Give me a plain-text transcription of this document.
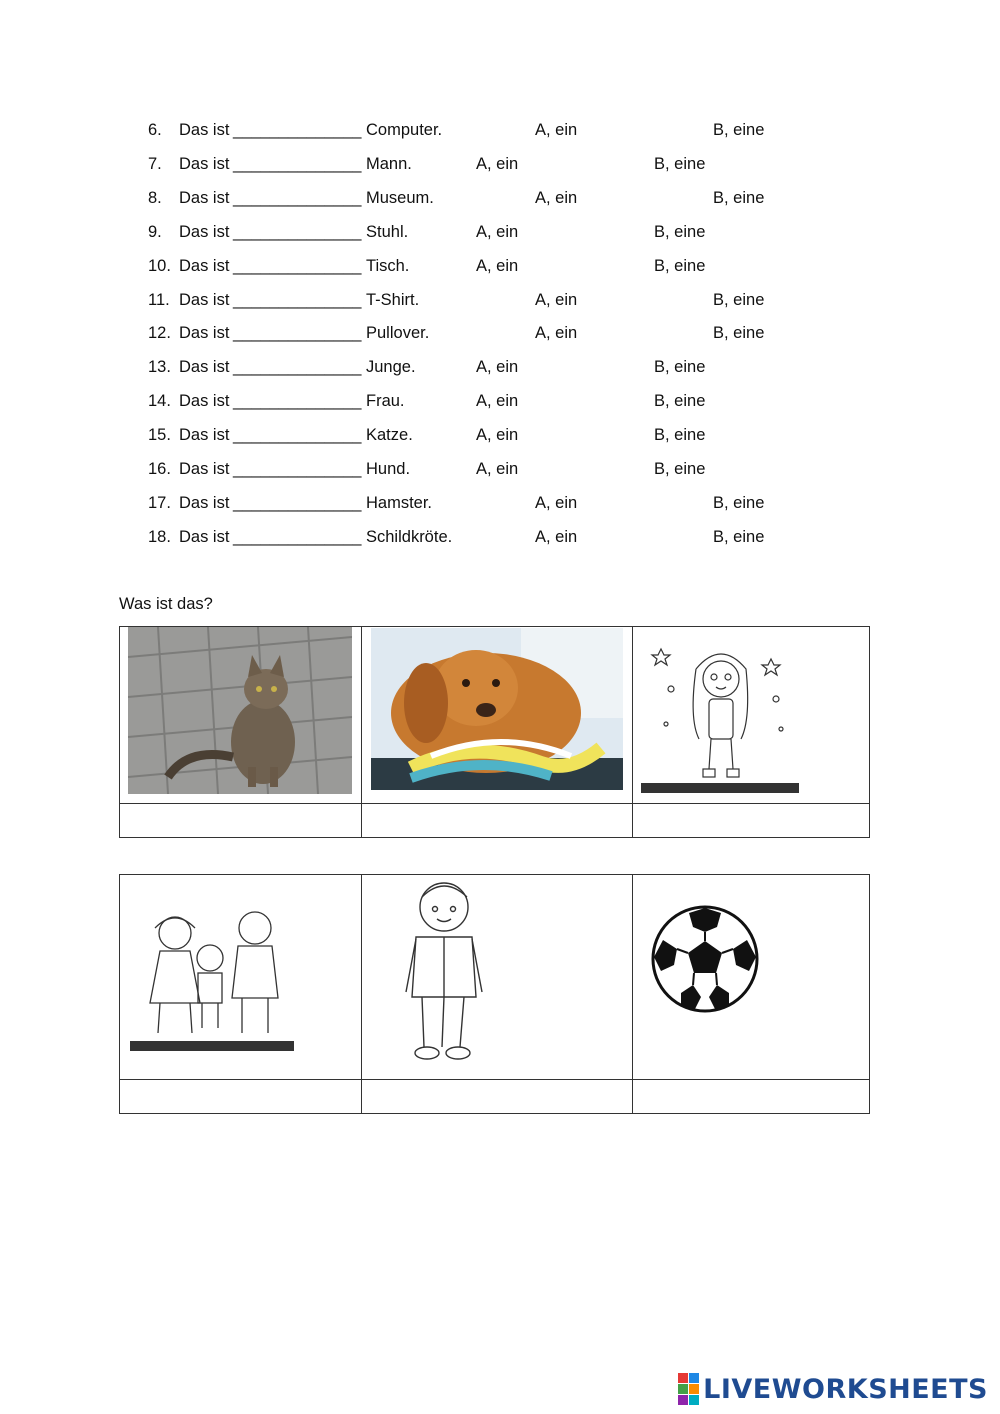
6. Das ist ______________ Computer.	A, ein	B, eine
7. Das ist ______________ Mann.	A, ein	B, eine
8. Das ist ______________ Museum.	A, ein	B, eine
9. Das ist ______________ Stuhl.	A, ein	B, eine
10. Das ist ______________ Tisch.	A, ein	B, eine
11. Das ist ______________ T-Shirt.	A, ein	B, eine
12. Das ist ______________ Pullover.	A, ein	B, eine
13. Das ist ______________ Junge.	A, ein	B, eine
14. Das ist ______________ Frau.	A, ein	B, eine
15. Das ist ______________ Katze.	A, ein	B, eine
16. Das ist ______________ Hund.	A, ein	B, eine
17. Das ist ______________ Hamster.	A, ein	B, eine
18. Das ist ______________ Schildkröte.	A, ein	B, eine
Was ist das?

LIVEWORKSHEETS
